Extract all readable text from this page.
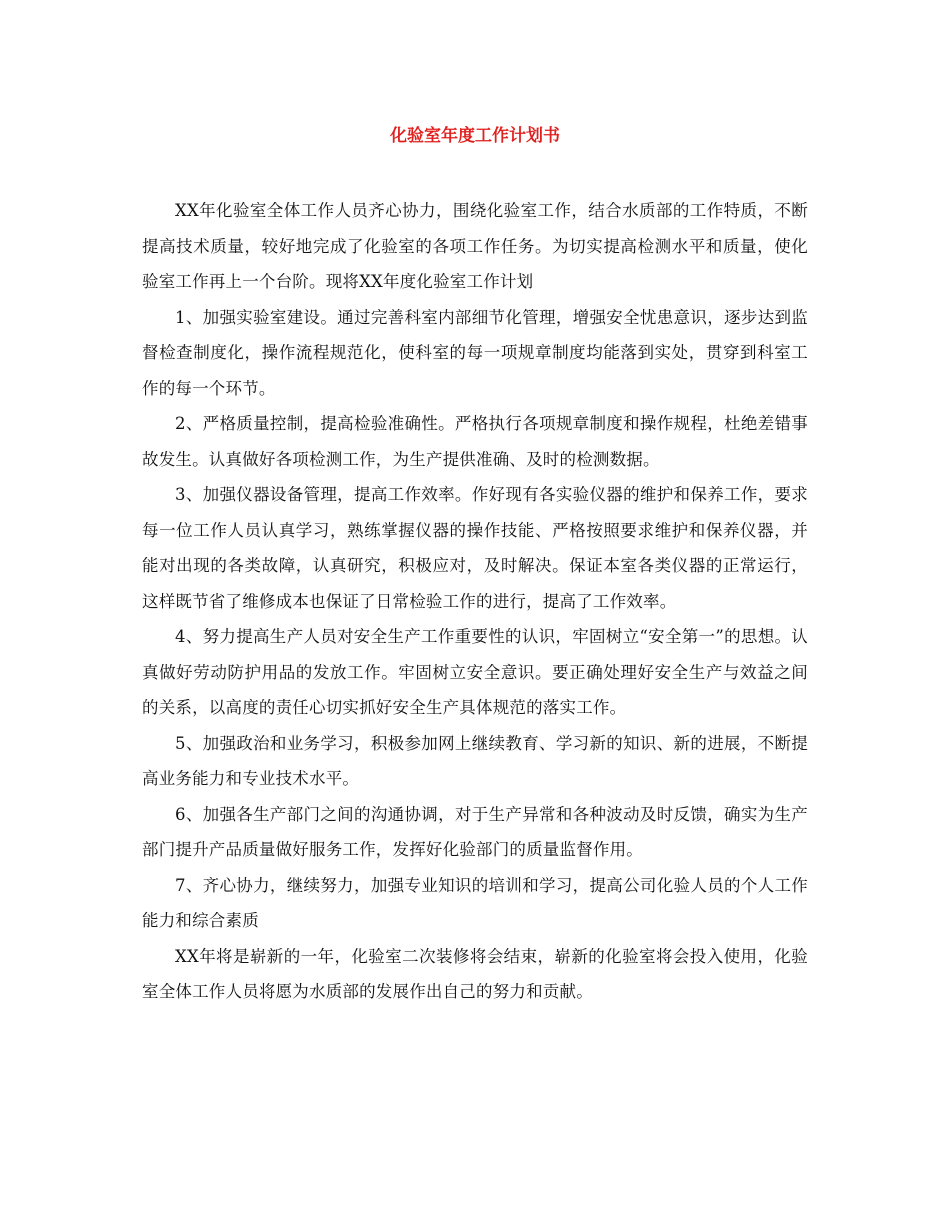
化验室年度工作计划书

XX年化验室全体工作人员齐心协力，围绕化验室工作，结合水质部的工作特质，不断提高技术质量，较好地完成了化验室的各项工作任务。为切实提高检测水平和质量，使化验室工作再上一个台阶。现将XX年度化验室工作计划

1、加强实验室建设。通过完善科室内部细节化管理，增强安全忧患意识，逐步达到监督检查制度化，操作流程规范化，使科室的每一项规章制度均能落到实处，贯穿到科室工作的每一个环节。

2、严格质量控制，提高检验准确性。严格执行各项规章制度和操作规程，杜绝差错事故发生。认真做好各项检测工作，为生产提供准确、及时的检测数据。

3、加强仪器设备管理，提高工作效率。作好现有各实验仪器的维护和保养工作，要求每一位工作人员认真学习，熟练掌握仪器的操作技能、严格按照要求维护和保养仪器，并能对出现的各类故障，认真研究，积极应对，及时解决。保证本室各类仪器的正常运行，这样既节省了维修成本也保证了日常检验工作的进行，提高了工作效率。

4、努力提高生产人员对安全生产工作重要性的认识，牢固树立“安全第一”的思想。认真做好劳动防护用品的发放工作。牢固树立安全意识。要正确处理好安全生产与效益之间的关系，以高度的责任心切实抓好安全生产具体规范的落实工作。

5、加强政治和业务学习，积极参加网上继续教育、学习新的知识、新的进展，不断提高业务能力和专业技术水平。

6、加强各生产部门之间的沟通协调，对于生产异常和各种波动及时反馈，确实为生产部门提升产品质量做好服务工作，发挥好化验部门的质量监督作用。

7、齐心协力，继续努力，加强专业知识的培训和学习，提高公司化验人员的个人工作能力和综合素质

XX年将是崭新的一年，化验室二次装修将会结束，崭新的化验室将会投入使用，化验室全体工作人员将愿为水质部的发展作出自己的努力和贡献。
